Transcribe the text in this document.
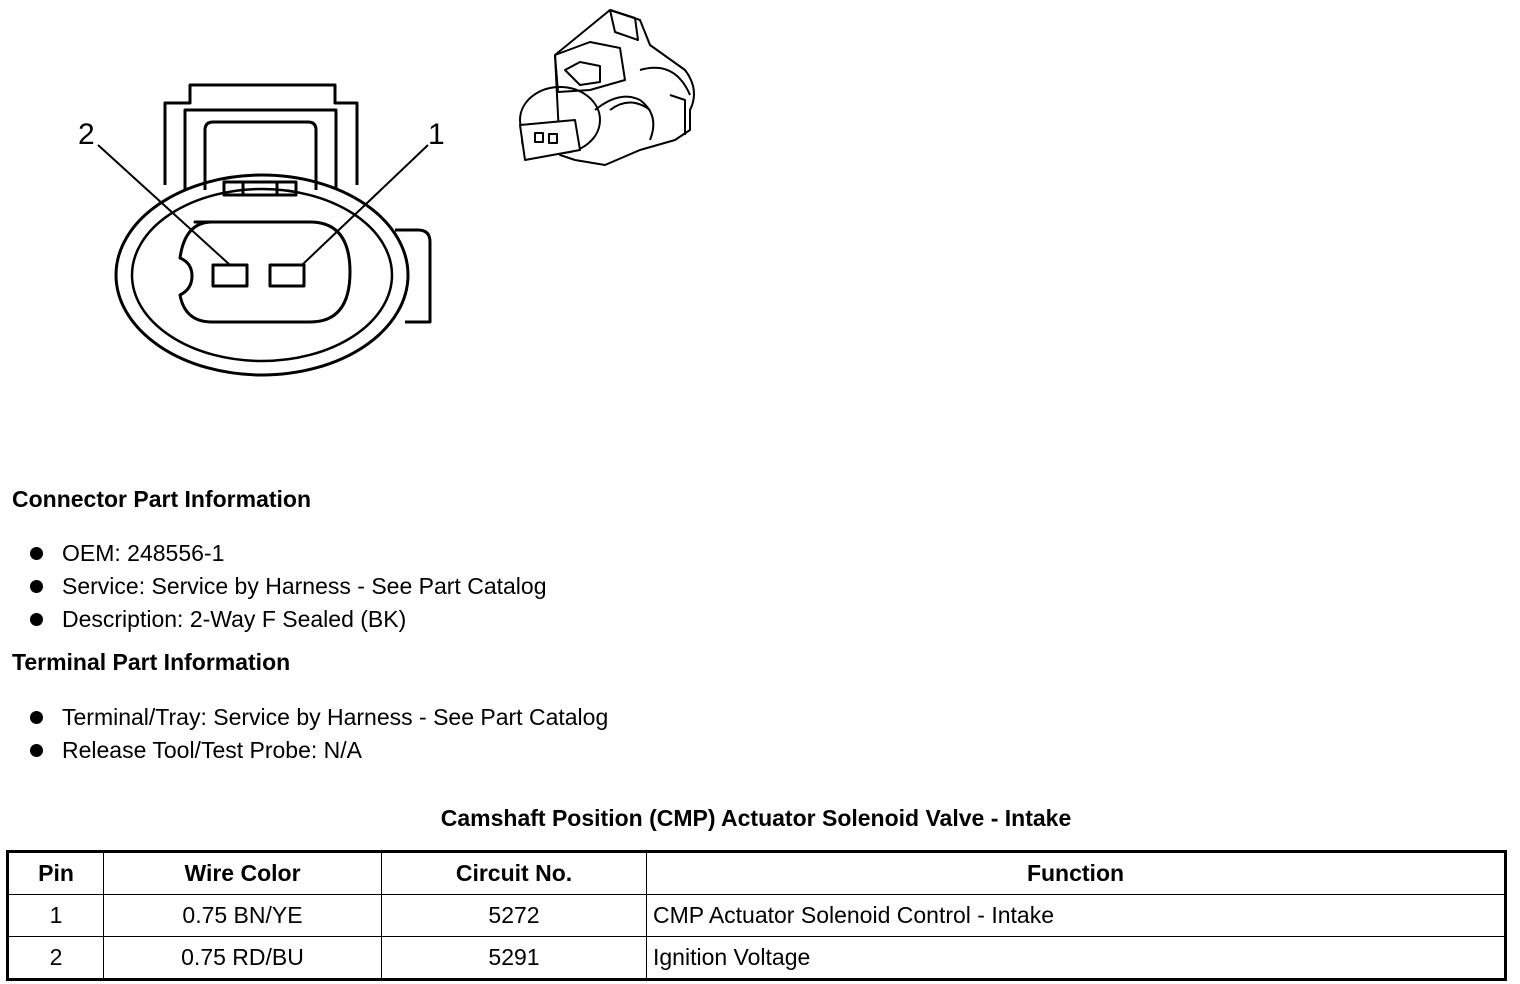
2	1
Connector Part Information
OEM: 248556-1
Service: Service by Harness - See Part Catalog
Description: 2-Way F Sealed (BK)
Terminal Part Information
Terminal/Tray: Service by Harness - See Part Catalog
Release Tool/Test Probe: N/A
Camshaft Position (CMP) Actuator Solenoid Valve - Intake
Pin	Wire Color	Circuit No.	Function
1	0.75 BN/YE	5272	CMP Actuator Solenoid Control - Intake
2	0.75 RD/BU	5291	Ignition Voltage
